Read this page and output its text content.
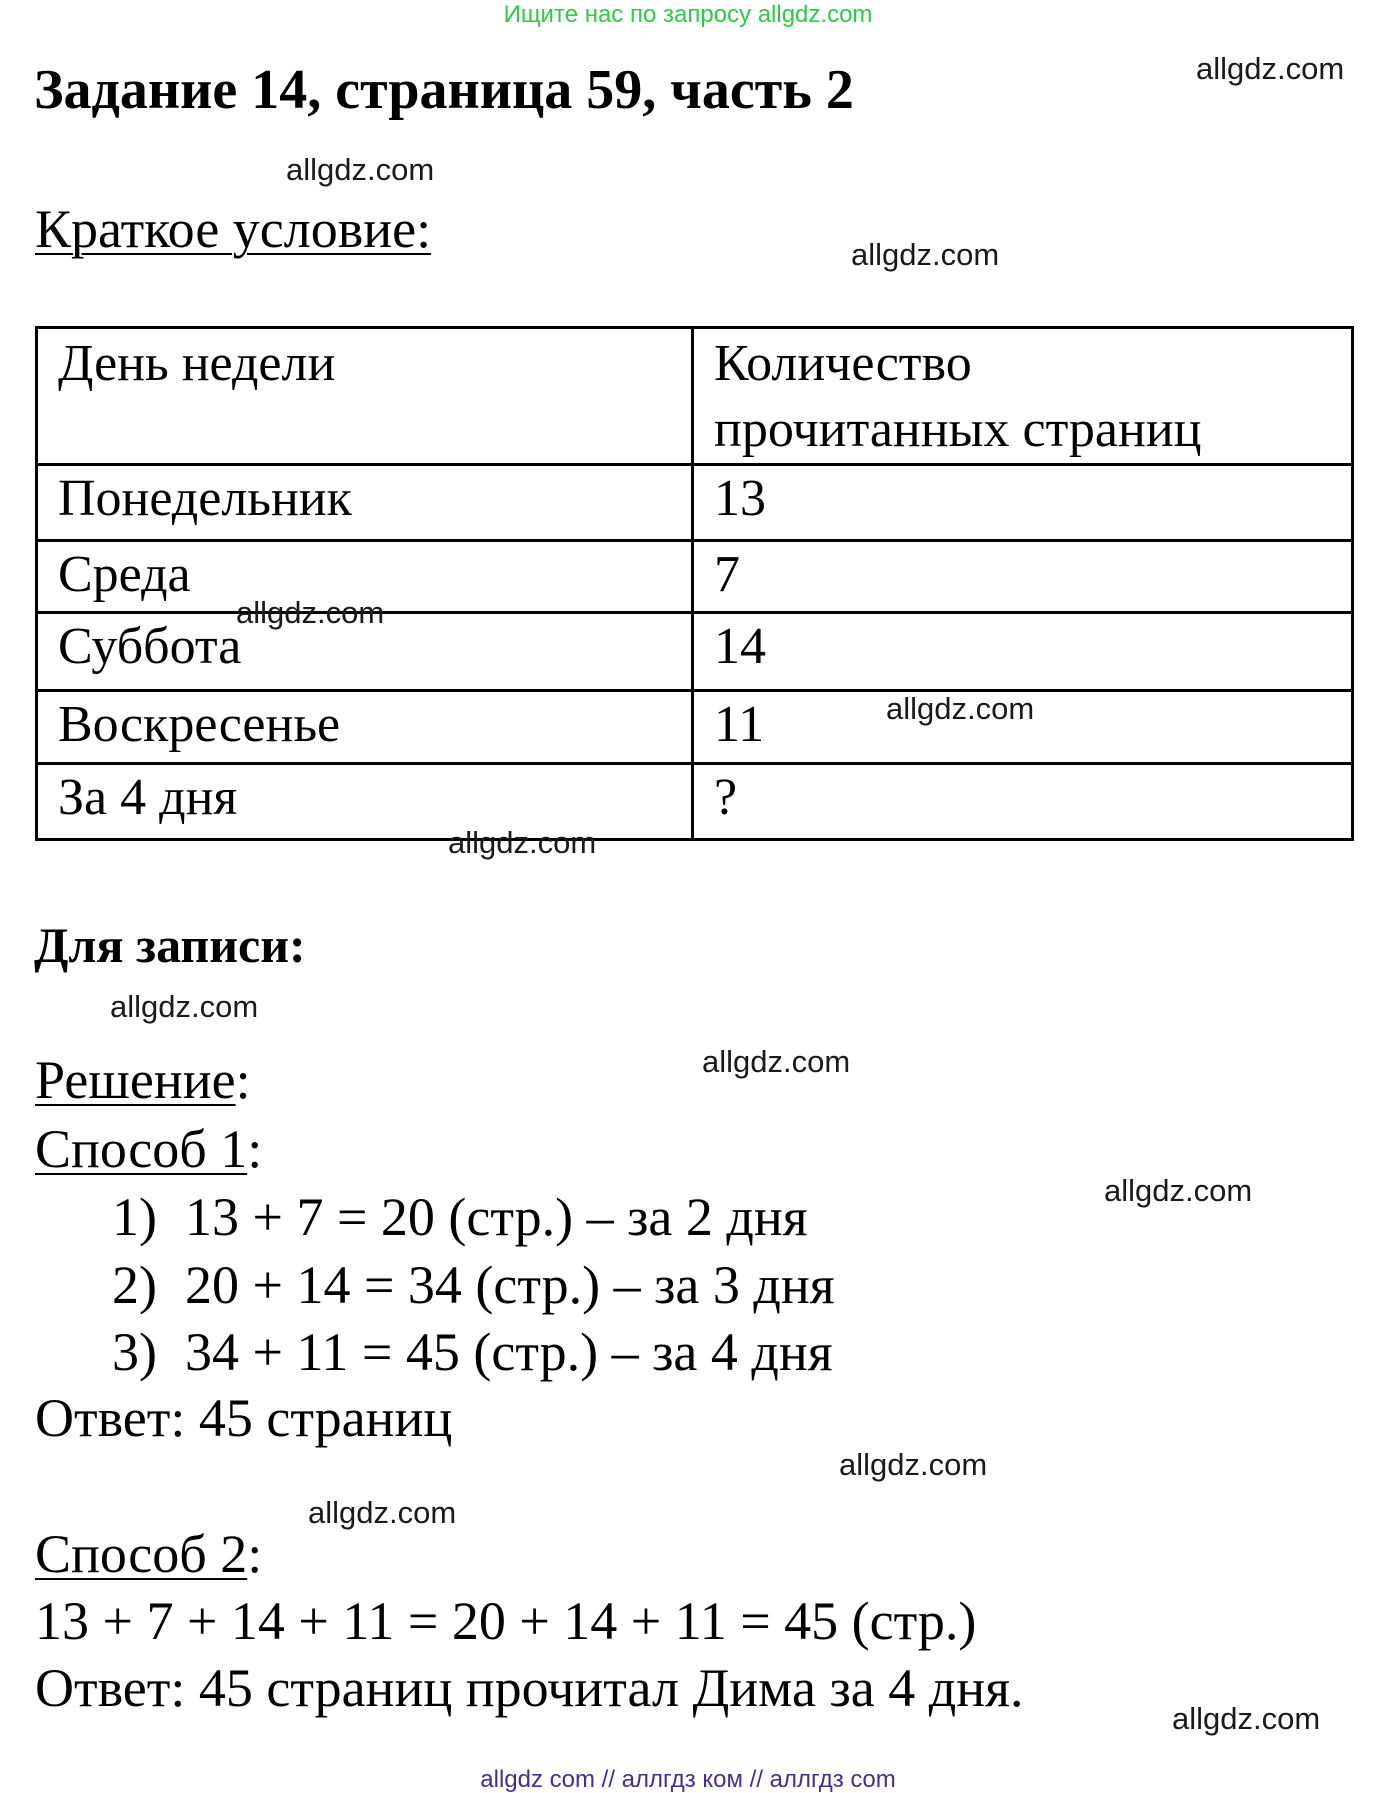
Ищите нас по запросу allgdz.com
Задание 14, страница 59, часть 2	allgdz.com
allgdz.com
allgdz.com
allgdz.com
allgdz.com
allgdz.com
allgdz.com
allgdz.com
allgdz.com
allgdz.com
allgdz.com
allgdz.com
Краткое условие:
День недели	Количество
прочитанных страниц

Понедельник	13
Среда	7
Суббота	14
Воскресенье	11
За 4 дня	?
Для записи:
Решение:
Способ 1:
1) 13 + 7 = 20 (стр.) – за 2 дня
2) 20 + 14 = 34 (стр.) – за 3 дня
3) 34 + 11 = 45 (стр.) – за 4 дня
Ответ: 45 страниц
Способ 2:
13 + 7 + 14 + 11 = 20 + 14 + 11 = 45 (стр.)
Ответ: 45 страниц прочитал Дима за 4 дня.
allgdz com // аллгдз ком // аллгдз com
